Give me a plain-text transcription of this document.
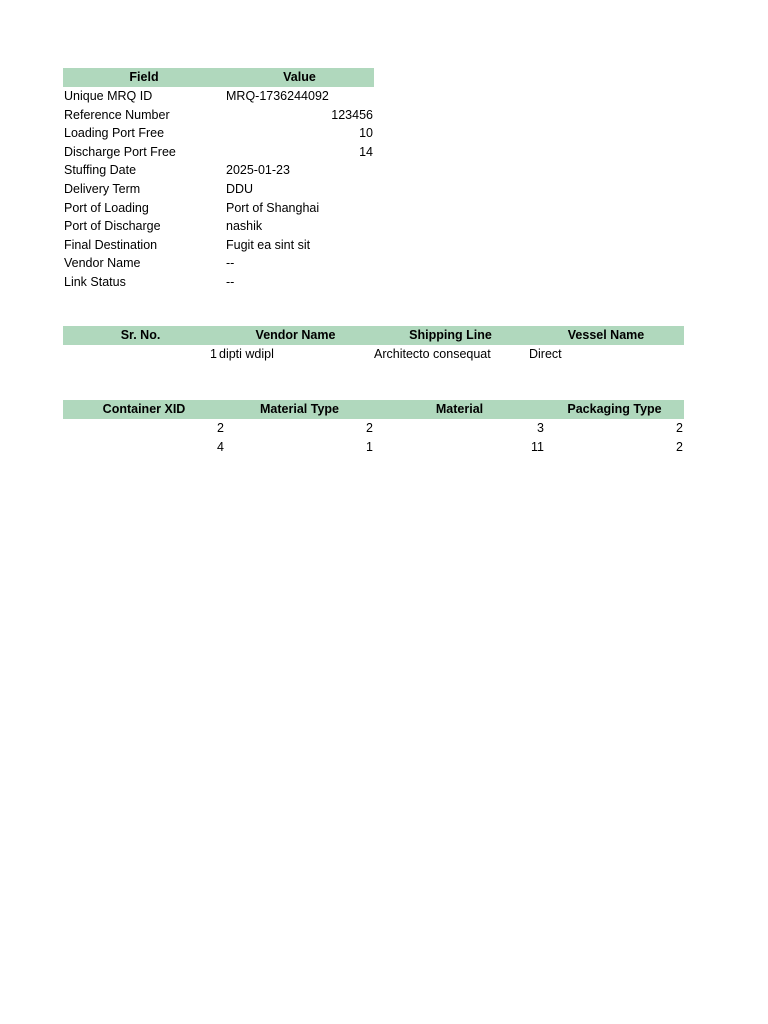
Field	Value
Unique MRQ ID	MRQ-1736244092
Reference Number	123456
Loading Port Free	10
Discharge Port Free	14
Stuffing Date	2025-01-23
Delivery Term	DDU
Port of Loading	Port of Shanghai
Port of Discharge	nashik
Final Destination	Fugit ea sint sit
Vendor Name	--
Link Status	--
Sr. No.	Vendor Name	Shipping Line	Vessel Name
1	dipti wdipl	Architecto consequat	Direct
Container XID	Material Type	Material	Packaging Type
2	2	3	2
4	1	11	2
